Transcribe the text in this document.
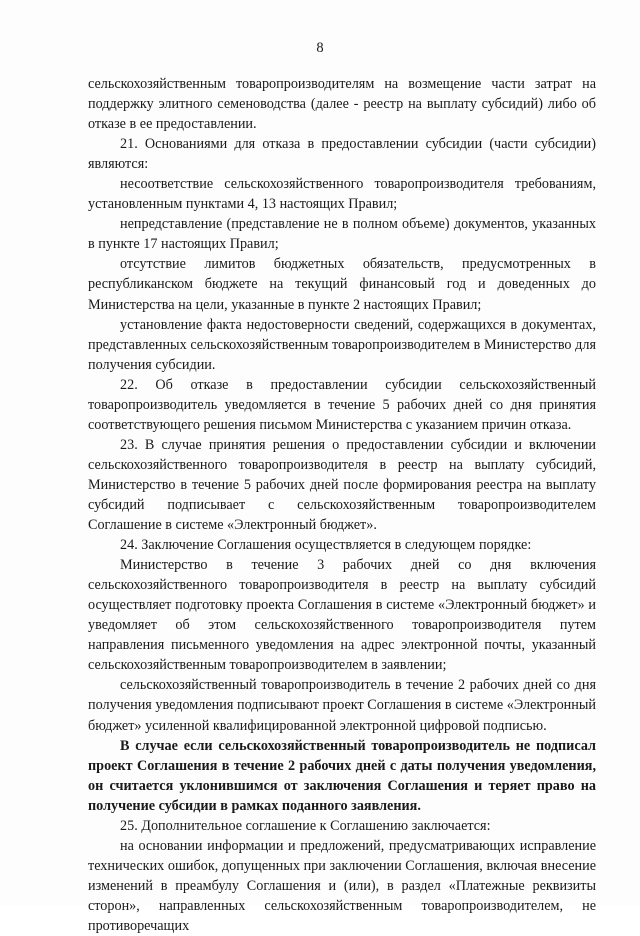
8

сельскохозяйственным товаропроизводителям на возмещение части затрат на поддержку элитного семеноводства (далее - реестр на выплату субсидий) либо об отказе в ее предоставлении.

21. Основаниями для отказа в предоставлении субсидии (части субсидии) являются:

несоответствие сельскохозяйственного товаропроизводителя требованиям, установленным пунктами 4, 13 настоящих Правил;

непредставление (представление не в полном объеме) документов, указанных в пункте 17 настоящих Правил;

отсутствие лимитов бюджетных обязательств, предусмотренных в республиканском бюджете на текущий финансовый год и доведенных до Министерства на цели, указанные в пункте 2 настоящих Правил;

установление факта недостоверности сведений, содержащихся в документах, представленных сельскохозяйственным товаропроизводителем в Министерство для получения субсидии.

22. Об отказе в предоставлении субсидии сельскохозяйственный товаропроизводитель уведомляется в течение 5 рабочих дней со дня принятия соответствующего решения письмом Министерства с указанием причин отказа.

23. В случае принятия решения о предоставлении субсидии и включении сельскохозяйственного товаропроизводителя в реестр на выплату субсидий, Министерство в течение 5 рабочих дней после формирования реестра на выплату субсидий подписывает с сельскохозяйственным товаропроизводителем Соглашение в системе «Электронный бюджет».

24. Заключение Соглашения осуществляется в следующем порядке:

Министерство в течение 3 рабочих дней со дня включения сельскохозяйственного товаропроизводителя в реестр на выплату субсидий осуществляет подготовку проекта Соглашения в системе «Электронный бюджет» и уведомляет об этом сельскохозяйственного товаропроизводителя путем направления письменного уведомления на адрес электронной почты, указанный сельскохозяйственным товаропроизводителем в заявлении;

сельскохозяйственный товаропроизводитель в течение 2 рабочих дней со дня получения уведомления подписывают проект Соглашения в системе «Электронный бюджет» усиленной квалифицированной электронной цифровой подписью.

В случае если сельскохозяйственный товаропроизводитель не подписал проект Соглашения в течение 2 рабочих дней с даты получения уведомления, он считается уклонившимся от заключения Соглашения и теряет право на получение субсидии в рамках поданного заявления.

25. Дополнительное соглашение к Соглашению заключается:

на основании информации и предложений, предусматривающих исправление технических ошибок, допущенных при заключении Соглашения, включая внесение изменений в преамбулу Соглашения и (или), в раздел «Платежные реквизиты сторон», направленных сельскохозяйственным товаропроизводителем, не противоречащих
